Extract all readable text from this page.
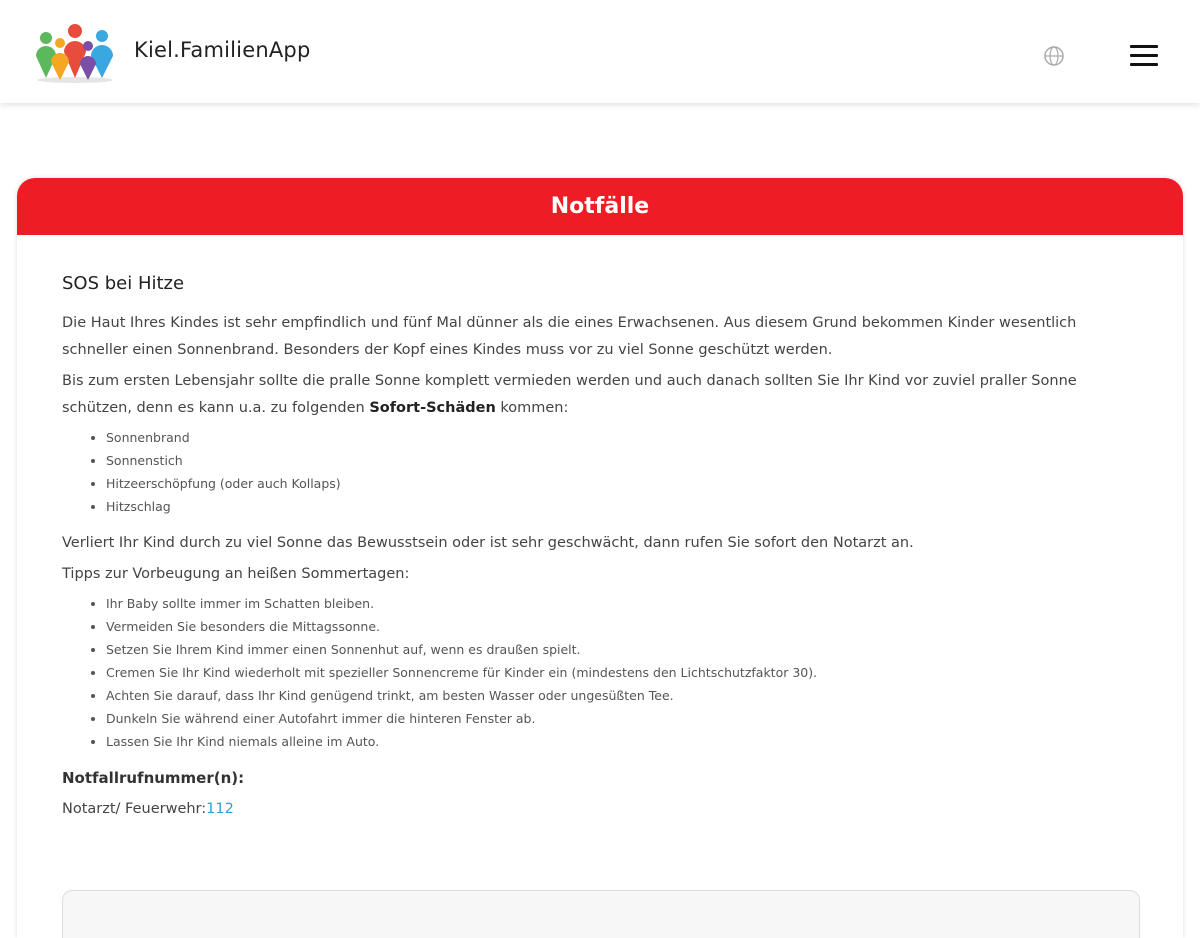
Kiel.FamilienApp
Notfälle
SOS bei Hitze

Die Haut Ihres Kindes ist sehr empfindlich und fünf Mal dünner als die eines Erwachsenen. Aus diesem Grund bekommen Kinder wesentlich schneller einen Sonnenbrand. Besonders der Kopf eines Kindes muss vor zu viel Sonne geschützt werden.

Bis zum ersten Lebensjahr sollte die pralle Sonne komplett vermieden werden und auch danach sollten Sie Ihr Kind vor zuviel praller Sonne schützen, denn es kann u.a. zu folgenden Sofort-Schäden kommen:

• Sonnenbrand
• Sonnenstich
• Hitzeerschöpfung (oder auch Kollaps)
• Hitzschlag

Verliert Ihr Kind durch zu viel Sonne das Bewusstsein oder ist sehr geschwächt, dann rufen Sie sofort den Notarzt an.

Tipps zur Vorbeugung an heißen Sommertagen:

• Ihr Baby sollte immer im Schatten bleiben.
• Vermeiden Sie besonders die Mittagssonne.
• Setzen Sie Ihrem Kind immer einen Sonnenhut auf, wenn es draußen spielt.
• Cremen Sie Ihr Kind wiederholt mit spezieller Sonnencreme für Kinder ein (mindestens den Lichtschutzfaktor 30).
• Achten Sie darauf, dass Ihr Kind genügend trinkt, am besten Wasser oder ungesüßten Tee.
• Dunkeln Sie während einer Autofahrt immer die hinteren Fenster ab.
• Lassen Sie Ihr Kind niemals alleine im Auto.

Notfallrufnummer(n):

Notarzt/ Feuerwehr:112
